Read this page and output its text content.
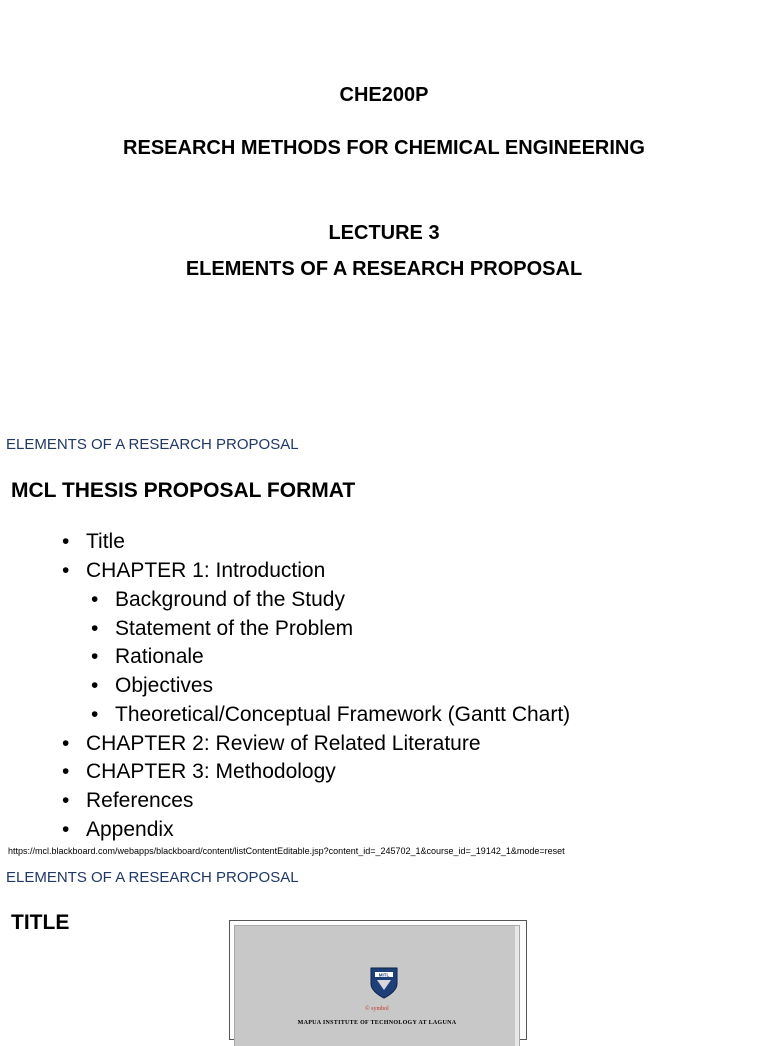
CHE200P
RESEARCH METHODS FOR CHEMICAL ENGINEERING
LECTURE 3
ELEMENTS OF A RESEARCH PROPOSAL
ELEMENTS OF A RESEARCH PROPOSAL
MCL THESIS PROPOSAL FORMAT
• Title
• CHAPTER 1: Introduction
• Background of the Study
• Statement of the Problem
• Rationale
• Objectives
• Theoretical/Conceptual Framework (Gantt Chart)
• CHAPTER 2: Review of Related Literature
• CHAPTER 3: Methodology
• References
• Appendix
https://mcl.blackboard.com/webapps/blackboard/content/listContentEditable.jsp?content_id=_245702_1&course_id=_19142_1&mode=reset
ELEMENTS OF A RESEARCH PROPOSAL
TITLE
MITL
© symbol
MAPUA INSTITUTE OF TECHNOLOGY AT LAGUNA
